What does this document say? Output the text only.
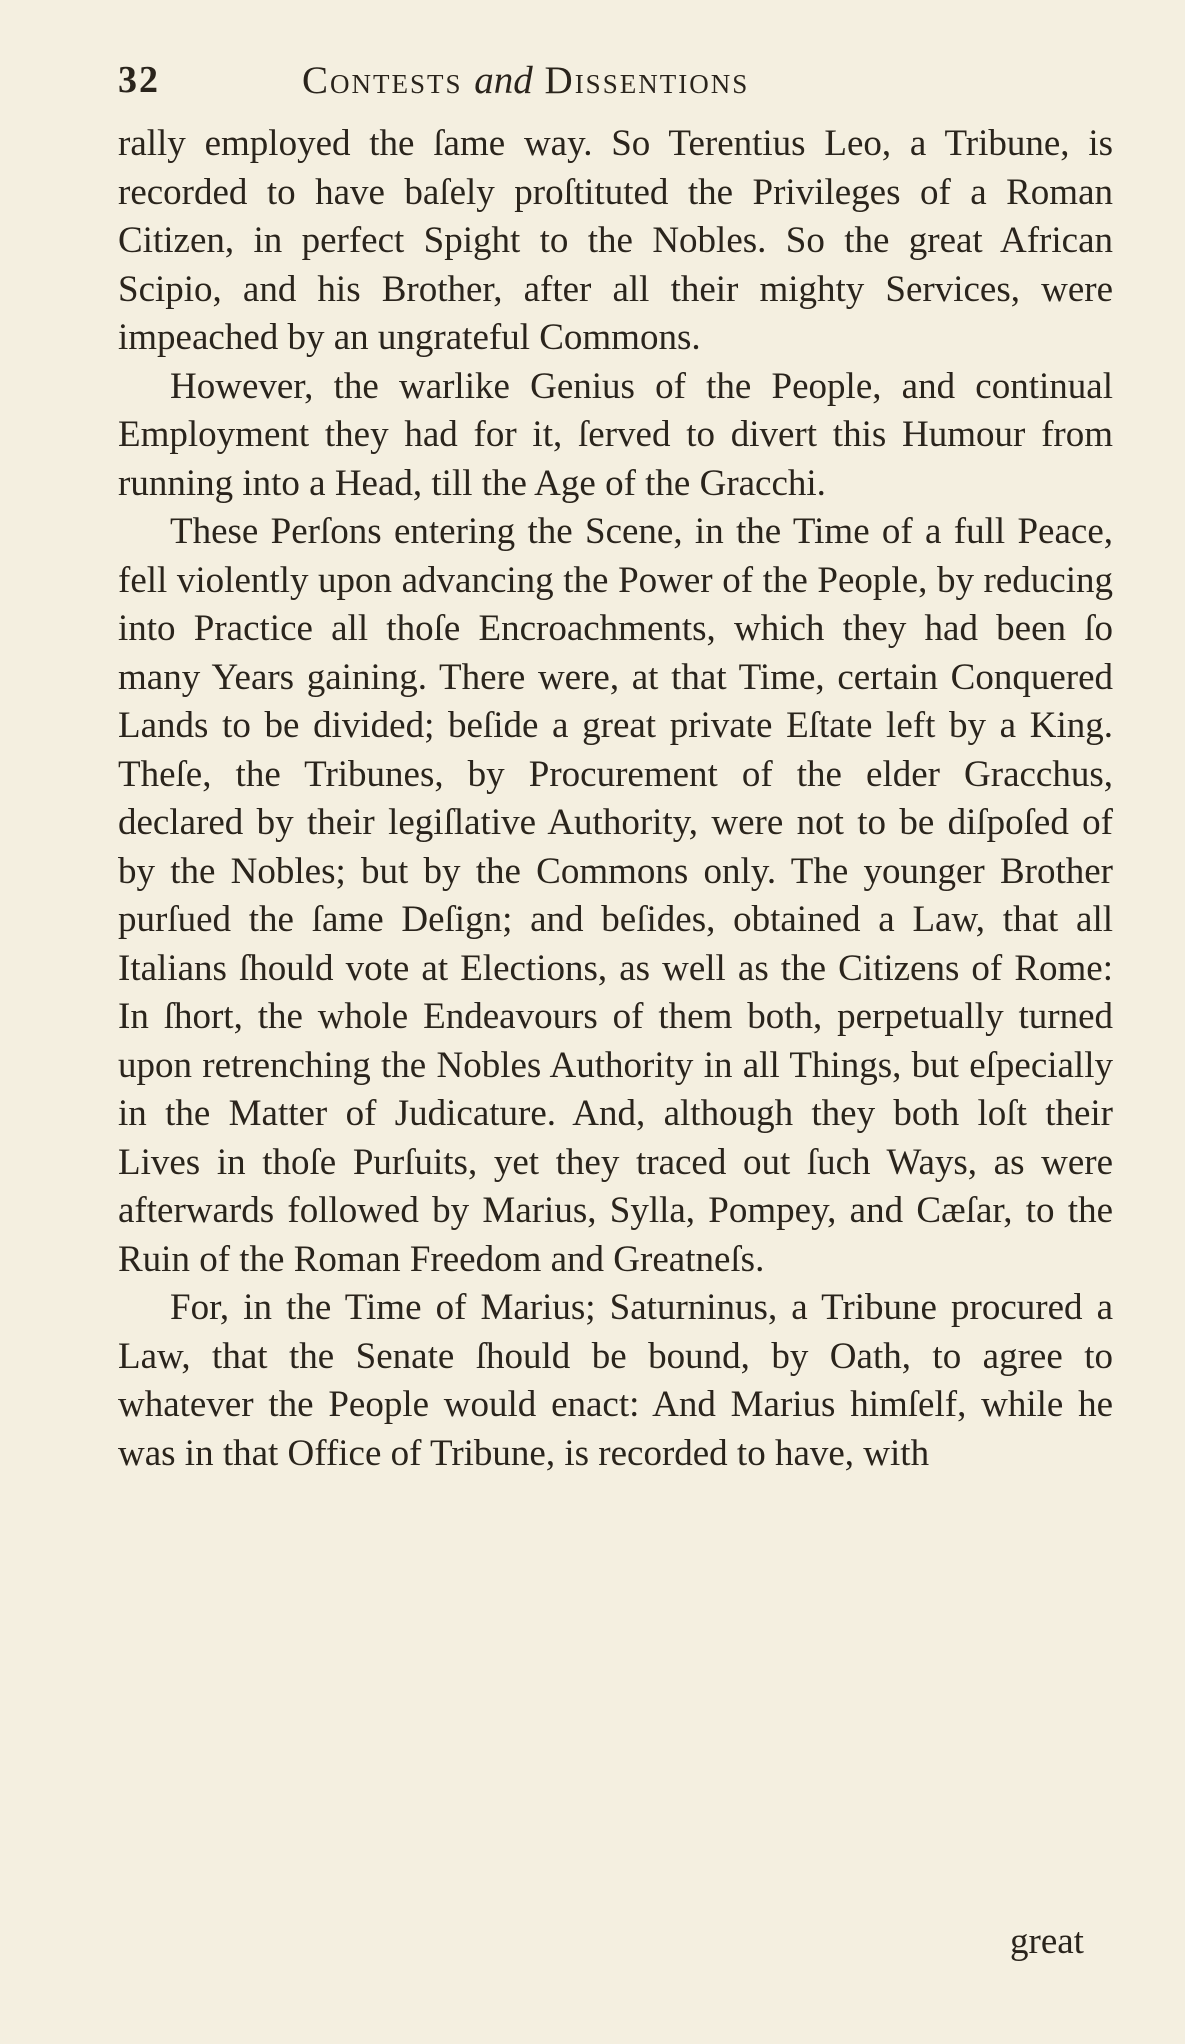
32	Contests and Dissentions

rally employed the ſame way. So Terentius Leo, a Tribune, is recorded to have baſely proſtituted the Privileges of a Roman Citizen, in perfect Spight to the Nobles. So the great African Scipio, and his Brother, after all their mighty Services, were impeached by an ungrateful Commons.

However, the warlike Genius of the People, and continual Employment they had for it, ſerved to divert this Humour from running into a Head, till the Age of the Gracchi.

These Perſons entering the Scene, in the Time of a full Peace, fell violently upon advancing the Power of the People, by reducing into Practice all thoſe Encroachments, which they had been ſo many Years gaining. There were, at that Time, certain Conquered Lands to be divided; beſide a great private Eſtate left by a King. Theſe, the Tribunes, by Procurement of the elder Gracchus, declared by their legiſlative Authority, were not to be diſpoſed of by the Nobles; but by the Commons only. The younger Brother purſued the ſame Deſign; and beſides, obtained a Law, that all Italians ſhould vote at Elections, as well as the Citizens of Rome: In ſhort, the whole Endeavours of them both, perpetually turned upon retrenching the Nobles Authority in all Things, but eſpecially in the Matter of Judicature. And, although they both loſt their Lives in thoſe Purſuits, yet they traced out ſuch Ways, as were afterwards followed by Marius, Sylla, Pompey, and Cæſar, to the Ruin of the Roman Freedom and Greatneſs.

For, in the Time of Marius; Saturninus, a Tribune procured a Law, that the Senate ſhould be bound, by Oath, to agree to whatever the People would enact: And Marius himſelf, while he was in that Office of Tribune, is recorded to have, with

great
